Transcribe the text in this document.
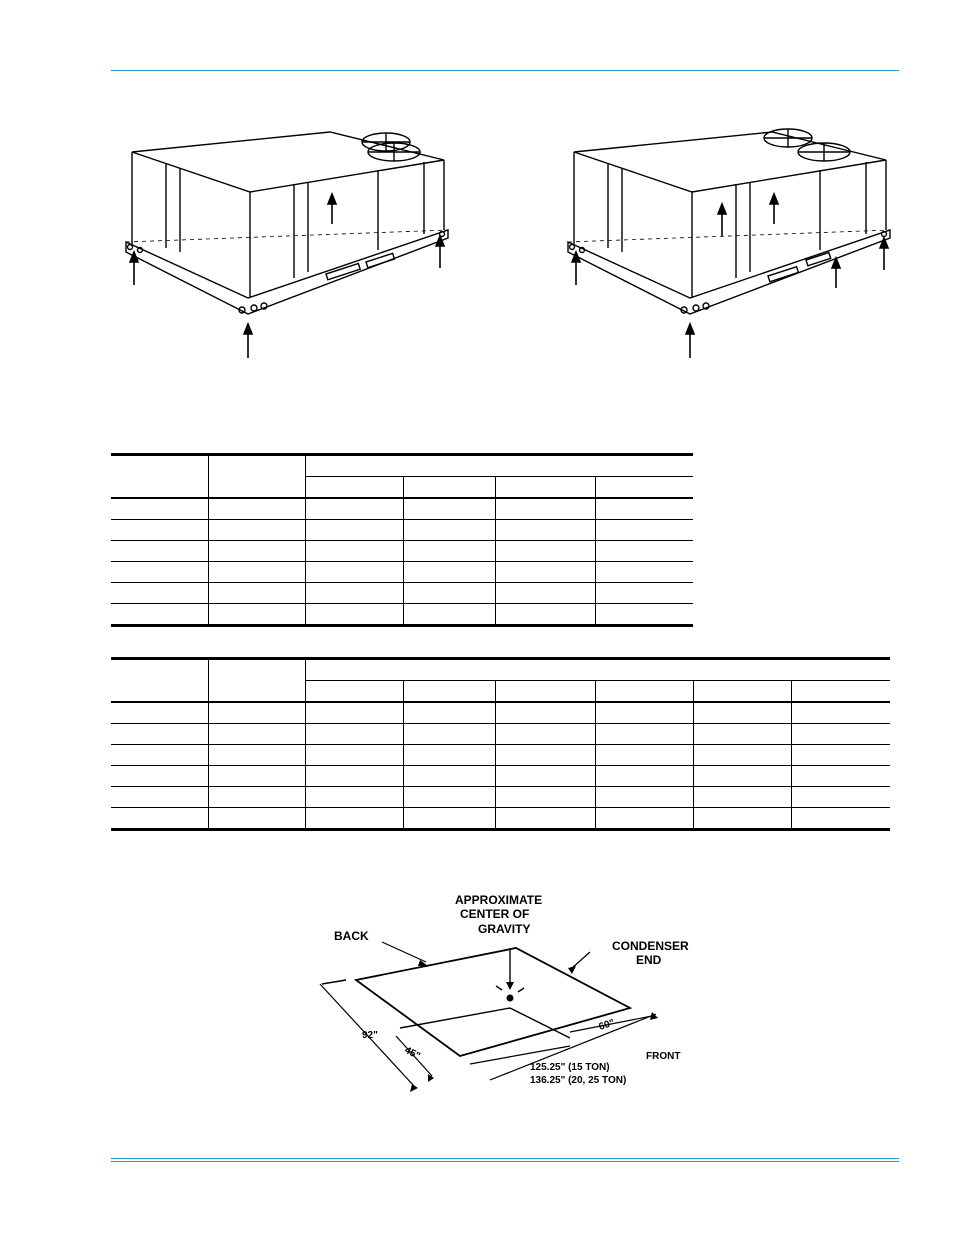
APPROXIMATE
CENTER OF
GRAVITY
BACK
CONDENSER
END
FRONT
92"
45"
60"
125.25" (15 TON)
136.25" (20, 25 TON)
